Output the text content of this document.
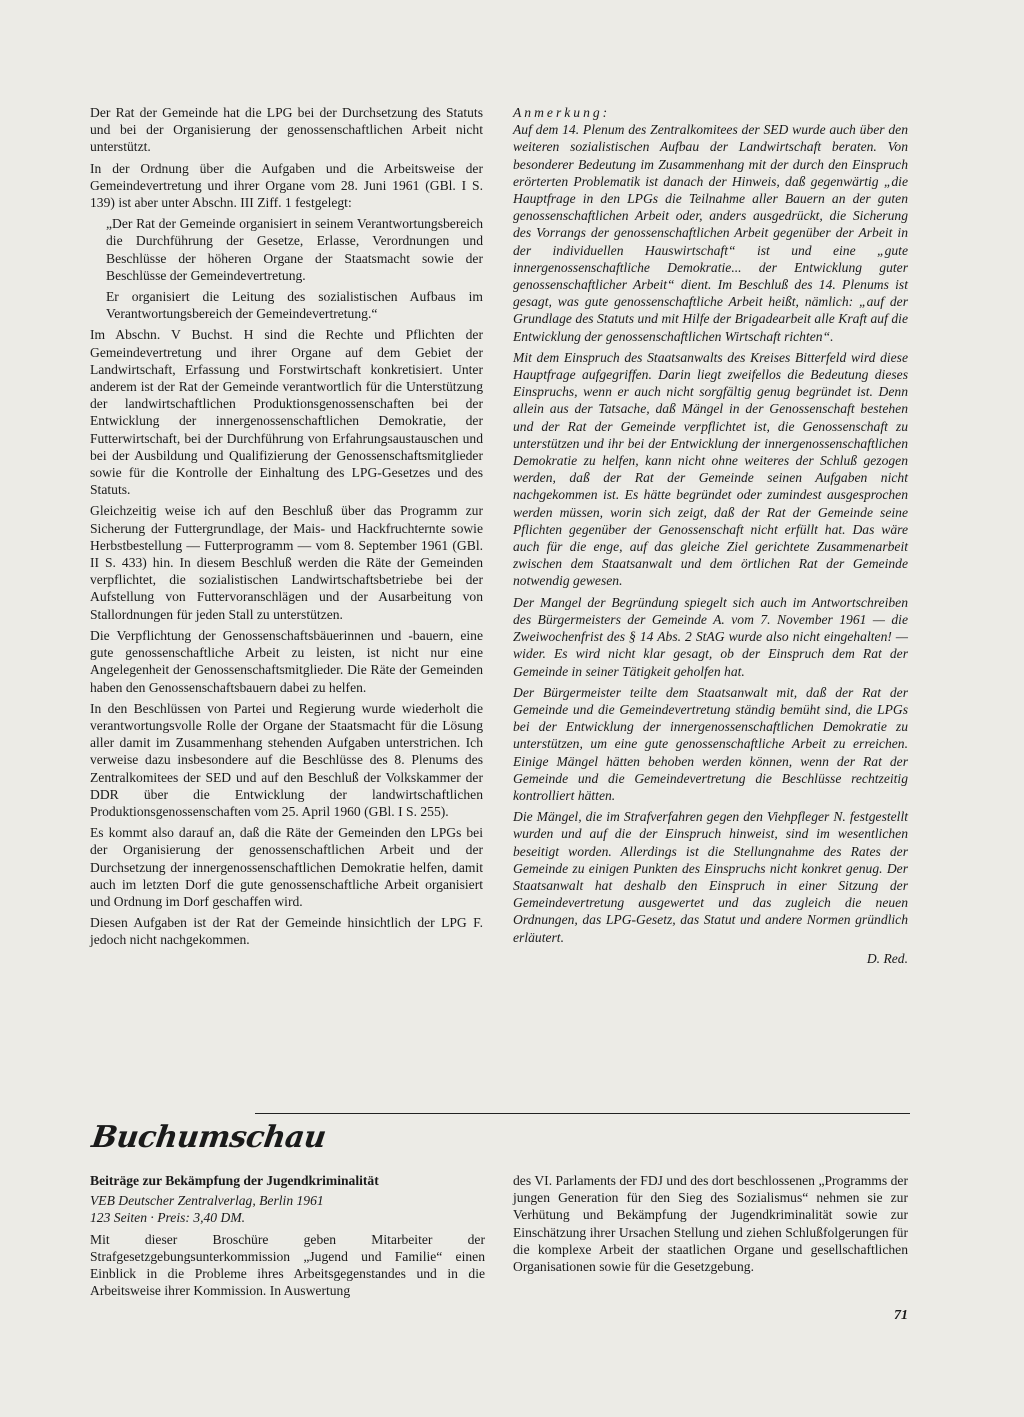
Der Rat der Gemeinde hat die LPG bei der Durchsetzung des Statuts und bei der Organisierung der genossenschaftlichen Arbeit nicht unterstützt.

In der Ordnung über die Aufgaben und die Arbeitsweise der Gemeindevertretung und ihrer Organe vom 28. Juni 1961 (GBl. I S. 139) ist aber unter Abschn. III Ziff. 1 festgelegt:

„Der Rat der Gemeinde organisiert in seinem Verantwortungsbereich die Durchführung der Gesetze, Erlasse, Verordnungen und Beschlüsse der höheren Organe der Staatsmacht sowie der Beschlüsse der Gemeindevertretung.

Er organisiert die Leitung des sozialistischen Aufbaus im Verantwortungsbereich der Gemeindevertretung.“

Im Abschn. V Buchst. H sind die Rechte und Pflichten der Gemeindevertretung und ihrer Organe auf dem Gebiet der Landwirtschaft, Erfassung und Forstwirtschaft konkretisiert. Unter anderem ist der Rat der Gemeinde verantwortlich für die Unterstützung der landwirtschaftlichen Produktionsgenossenschaften bei der Entwicklung der innergenossenschaftlichen Demokratie, der Futterwirtschaft, bei der Durchführung von Erfahrungsaustauschen und bei der Ausbildung und Qualifizierung der Genossenschaftsmitglieder sowie für die Kontrolle der Einhaltung des LPG-Gesetzes und des Statuts.

Gleichzeitig weise ich auf den Beschluß über das Programm zur Sicherung der Futtergrundlage, der Mais- und Hackfruchternte sowie Herbstbestellung — Futterprogramm — vom 8. September 1961 (GBl. II S. 433) hin. In diesem Beschluß werden die Räte der Gemeinden verpflichtet, die sozialistischen Landwirtschaftsbetriebe bei der Aufstellung von Futtervoranschlägen und der Ausarbeitung von Stallordnungen für jeden Stall zu unterstützen.

Die Verpflichtung der Genossenschaftsbäuerinnen und -bauern, eine gute genossenschaftliche Arbeit zu leisten, ist nicht nur eine Angelegenheit der Genossenschaftsmitglieder. Die Räte der Gemeinden haben den Genossenschaftsbauern dabei zu helfen.

In den Beschlüssen von Partei und Regierung wurde wiederholt die verantwortungsvolle Rolle der Organe der Staatsmacht für die Lösung aller damit im Zusammenhang stehenden Aufgaben unterstrichen. Ich verweise dazu insbesondere auf die Beschlüsse des 8. Plenums des Zentralkomitees der SED und auf den Beschluß der Volkskammer der DDR über die Entwicklung der landwirtschaftlichen Produktionsgenossenschaften vom 25. April 1960 (GBl. I S. 255).

Es kommt also darauf an, daß die Räte der Gemeinden den LPGs bei der Organisierung der genossenschaftlichen Arbeit und der Durchsetzung der innergenossenschaftlichen Demokratie helfen, damit auch im letzten Dorf die gute genossenschaftliche Arbeit organisiert und Ordnung im Dorf geschaffen wird.

Diesen Aufgaben ist der Rat der Gemeinde hinsichtlich der LPG F. jedoch nicht nachgekommen.

Anmerkung:

Auf dem 14. Plenum des Zentralkomitees der SED wurde auch über den weiteren sozialistischen Aufbau der Landwirtschaft beraten. Von besonderer Bedeutung im Zusammenhang mit der durch den Einspruch erörterten Problematik ist danach der Hinweis, daß gegenwärtig „die Hauptfrage in den LPGs die Teilnahme aller Bauern an der guten genossenschaftlichen Arbeit oder, anders ausgedrückt, die Sicherung des Vorrangs der genossenschaftlichen Arbeit gegenüber der Arbeit in der individuellen Hauswirtschaft“ ist und eine „gute innergenossenschaftliche Demokratie... der Entwicklung guter genossenschaftlicher Arbeit“ dient. Im Beschluß des 14. Plenums ist gesagt, was gute genossenschaftliche Arbeit heißt, nämlich: „auf der Grundlage des Statuts und mit Hilfe der Brigadearbeit alle Kraft auf die Entwicklung der genossenschaftlichen Wirtschaft richten“.

Mit dem Einspruch des Staatsanwalts des Kreises Bitterfeld wird diese Hauptfrage aufgegriffen. Darin liegt zweifellos die Bedeutung dieses Einspruchs, wenn er auch nicht sorgfältig genug begründet ist. Denn allein aus der Tatsache, daß Mängel in der Genossenschaft bestehen und der Rat der Gemeinde verpflichtet ist, die Genossenschaft zu unterstützen und ihr bei der Entwicklung der innergenossenschaftlichen Demokratie zu helfen, kann nicht ohne weiteres der Schluß gezogen werden, daß der Rat der Gemeinde seinen Aufgaben nicht nachgekommen ist. Es hätte begründet oder zumindest ausgesprochen werden müssen, worin sich zeigt, daß der Rat der Gemeinde seine Pflichten gegenüber der Genossenschaft nicht erfüllt hat. Das wäre auch für die enge, auf das gleiche Ziel gerichtete Zusammenarbeit zwischen dem Staatsanwalt und dem örtlichen Rat der Gemeinde notwendig gewesen.

Der Mangel der Begründung spiegelt sich auch im Antwortschreiben des Bürgermeisters der Gemeinde A. vom 7. November 1961 — die Zweiwochenfrist des § 14 Abs. 2 StAG wurde also nicht eingehalten! — wider. Es wird nicht klar gesagt, ob der Einspruch dem Rat der Gemeinde in seiner Tätigkeit geholfen hat.

Der Bürgermeister teilte dem Staatsanwalt mit, daß der Rat der Gemeinde und die Gemeindevertretung ständig bemüht sind, die LPGs bei der Entwicklung der innergenossenschaftlichen Demokratie zu unterstützen, um eine gute genossenschaftliche Arbeit zu erreichen. Einige Mängel hätten behoben werden können, wenn der Rat der Gemeinde und die Gemeindevertretung die Beschlüsse rechtzeitig kontrolliert hätten.

Die Mängel, die im Strafverfahren gegen den Viehpfleger N. festgestellt wurden und auf die der Einspruch hinweist, sind im wesentlichen beseitigt worden. Allerdings ist die Stellungnahme des Rates der Gemeinde zu einigen Punkten des Einspruchs nicht konkret genug. Der Staatsanwalt hat deshalb den Einspruch in einer Sitzung der Gemeindevertretung ausgewertet und das zugleich die neuen Ordnungen, das LPG-Gesetz, das Statut und andere Normen gründlich erläutert.

D. Red.

Buchumschau

Beiträge zur Bekämpfung der Jugendkriminalität

VEB Deutscher Zentralverlag, Berlin 1961
123 Seiten · Preis: 3,40 DM.

Mit dieser Broschüre geben Mitarbeiter der Strafgesetzgebungsunterkommission „Jugend und Familie“ einen Einblick in die Probleme ihres Arbeitsgegenstandes und in die Arbeitsweise ihrer Kommission. In Auswertung

des VI. Parlaments der FDJ und des dort beschlossenen „Programms der jungen Generation für den Sieg des Sozialismus“ nehmen sie zur Verhütung und Bekämpfung der Jugendkriminalität sowie zur Einschätzung ihrer Ursachen Stellung und ziehen Schlußfolgerungen für die komplexe Arbeit der staatlichen Organe und gesellschaftlichen Organisationen sowie für die Gesetzgebung.

71
